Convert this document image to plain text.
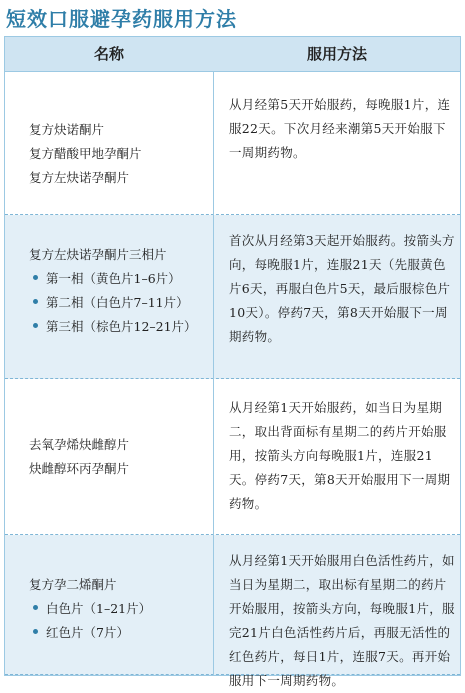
短效口服避孕药服用方法
名称	服用方法
复方炔诺酮片
复方醋酸甲地孕酮片
复方左炔诺孕酮片
从月经第5天开始服药，每晚服1片，连服22天。下次月经来潮第5天开始服下一周期药物。
复方左炔诺孕酮片三相片
第一相（黄色片1–6片）
第二相（白色片7–11片）
第三相（棕色片12–21片）
首次从月经第3天起开始服药。按箭头方向，每晚服1片，连服21天（先服黄色片6天，再服白色片5天，最后服棕色片10天）。停药7天，第8天开始服下一周期药物。
去氧孕烯炔雌醇片
炔雌醇环丙孕酮片
从月经第1天开始服药，如当日为星期二，取出背面标有星期二的药片开始服用，按箭头方向每晚服1片，连服21天。停药7天，第8天开始服用下一周期药物。
复方孕二烯酮片
白色片（1–21片）
红色片（7片）
从月经第1天开始服用白色活性药片，如当日为星期二，取出标有星期二的药片开始服用，按箭头方向，每晚服1片，服完21片白色活性药片后，再服无活性的红色药片，每日1片，连服7天。再开始服用下一周期药物。
